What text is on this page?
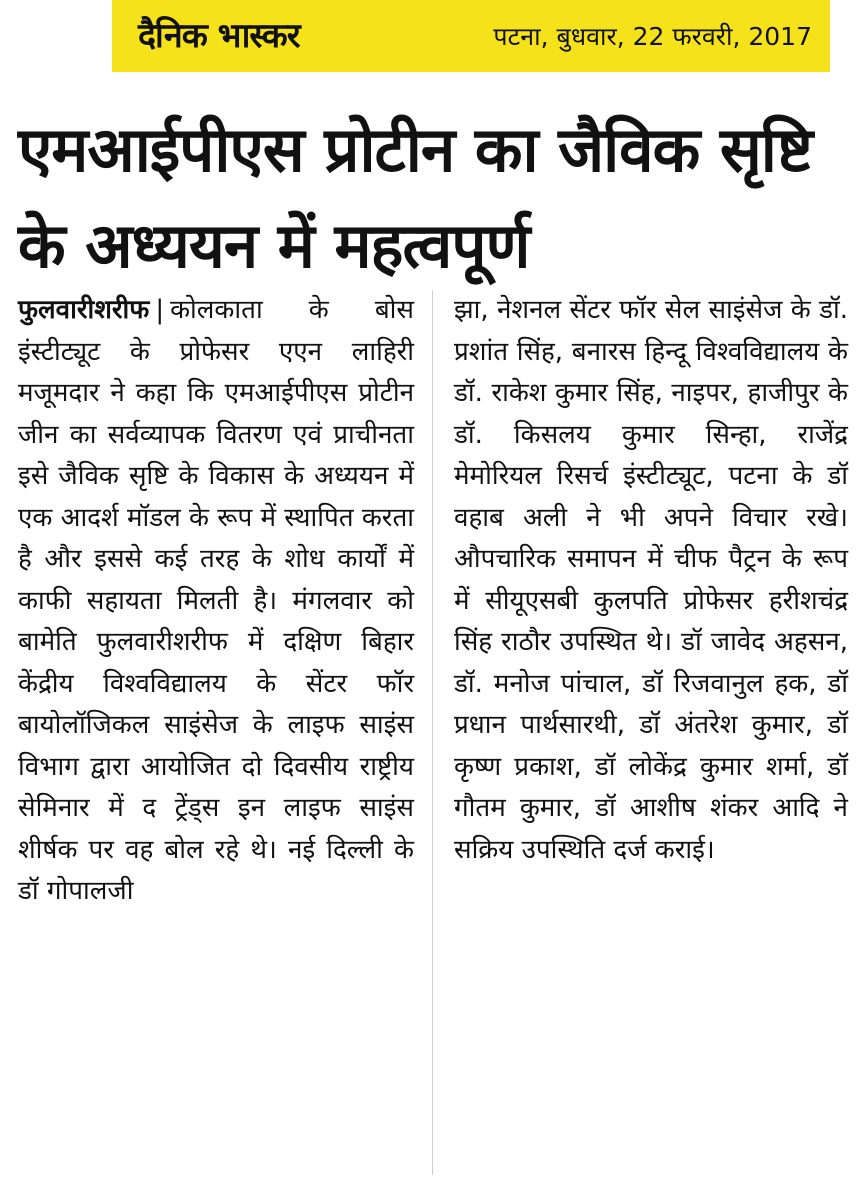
दैनिक भास्कर	पटना, बुधवार, 22 फरवरी, 2017
एमआईपीएस प्रोटीन का जैविक सृष्टि के अध्ययन में महत्वपूर्ण

फुलवारीशरीफ | कोलकाता के बोस इंस्टीट्यूट के प्रोफेसर एएन लाहिरी मजूमदार ने कहा कि एमआईपीएस प्रोटीन जीन का सर्वव्यापक वितरण एवं प्राचीनता इसे जैविक सृष्टि के विकास के अध्ययन में एक आदर्श मॉडल के रूप में स्थापित करता है और इससे कई तरह के शोध कार्यों में काफी सहायता मिलती है। मंगलवार को बामेति फुलवारीशरीफ में दक्षिण बिहार केंद्रीय विश्वविद्यालय के सेंटर फॉर बायोलॉजिकल साइंसेज के लाइफ साइंस विभाग द्वारा आयोजित दो दिवसीय राष्ट्रीय सेमिनार में द ट्रेंड्स इन लाइफ साइंस शीर्षक पर वह बोल रहे थे। नई दिल्ली के डॉ गोपालजी

झा, नेशनल सेंटर फॉर सेल साइंसेज के डॉ. प्रशांत सिंह, बनारस हिन्दू विश्वविद्यालय के डॉ. राकेश कुमार सिंह, नाइपर, हाजीपुर के डॉ. किसलय कुमार सिन्हा, राजेंद्र मेमोरियल रिसर्च इंस्टीट्यूट, पटना के डॉ वहाब अली ने भी अपने विचार रखे। औपचारिक समापन में चीफ पैट्रन के रूप में सीयूएसबी कुलपति प्रोफेसर हरीशचंद्र सिंह राठौर उपस्थित थे। डॉ जावेद अहसन, डॉ. मनोज पांचाल, डॉ रिजवानुल हक, डॉ प्रधान पार्थसारथी, डॉ अंतरेश कुमार, डॉ कृष्ण प्रकाश, डॉ लोकेंद्र कुमार शर्मा, डॉ गौतम कुमार, डॉ आशीष शंकर आदि ने सक्रिय उपस्थिति दर्ज कराई।
